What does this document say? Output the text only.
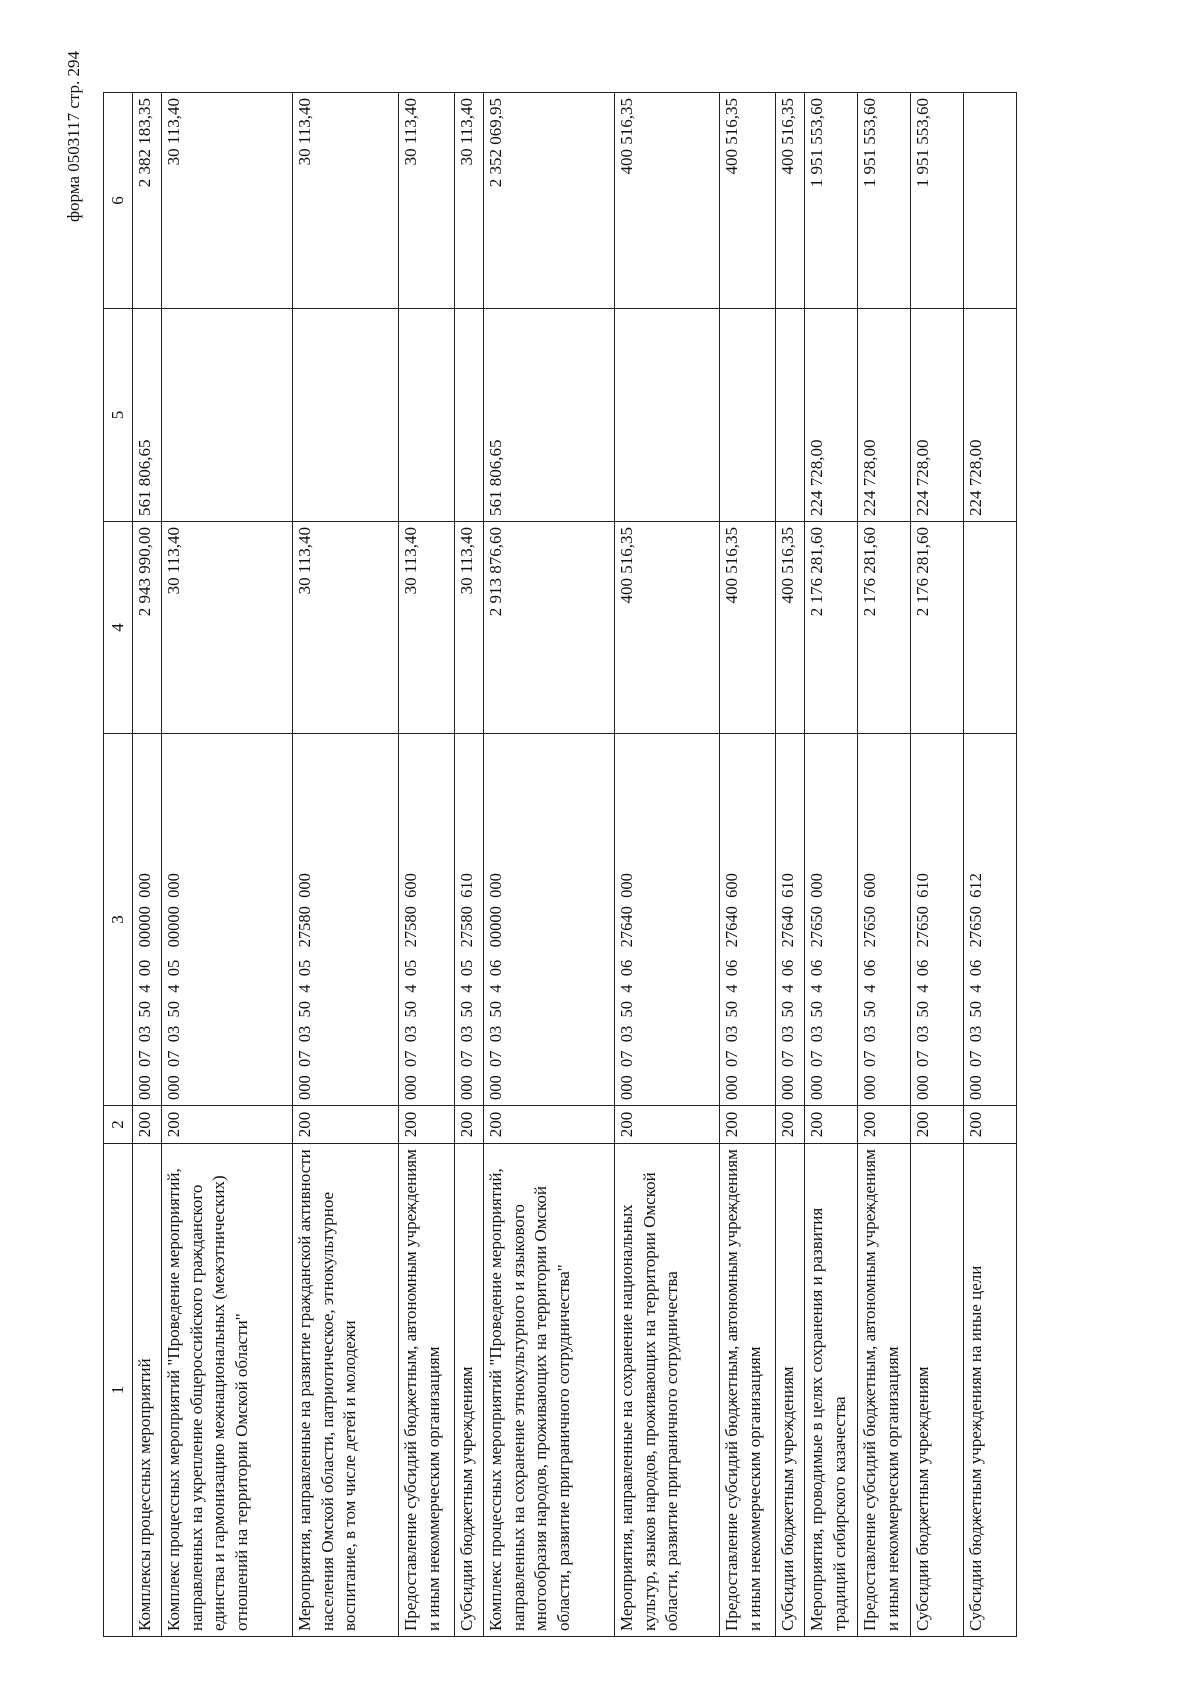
форма 0503117 стр. 294
1	2	3	4	5	6
Комплексы процессных мероприятий	200	000  07  03  50  4  00   00000  000	2 943 990,00	561 806,65	2 382 183,35
Комплекс процессных мероприятий "Проведение мероприятий, направленных на укрепление общероссийского гражданского единства и гармонизацию межнациональных (межэтнических) отношений на территории Омской области"	200	000  07  03  50  4  05   00000  000	30 113,40		30 113,40
Мероприятия, направленные на развитие гражданской активности населения Омской области, патриотическое, этнокультурное воспитание, в том числе детей и молодежи	200	000  07  03  50  4  05   27580  000	30 113,40		30 113,40
Предоставление субсидий бюджетным, автономным учреждениям и иным некоммерческим организациям	200	000  07  03  50  4  05   27580  600	30 113,40		30 113,40
Субсидии бюджетным учреждениям	200	000  07  03  50  4  05   27580  610	30 113,40		30 113,40
Комплекс процессных мероприятий "Проведение мероприятий, направленных на сохранение этнокультурного и языкового многообразия народов, проживающих на территории Омской области, развитие приграничного сотрудничества"	200	000  07  03  50  4  06   00000  000	2 913 876,60	561 806,65	2 352 069,95
Мероприятия, направленные на сохранение национальных культур, языков народов, проживающих на территории Омской области, развитие приграничного сотрудничества	200	000  07  03  50  4  06   27640  000	400 516,35		400 516,35
Предоставление субсидий бюджетным, автономным учреждениям и иным некоммерческим организациям	200	000  07  03  50  4  06   27640  600	400 516,35		400 516,35
Субсидии бюджетным учреждениям	200	000  07  03  50  4  06   27640  610	400 516,35		400 516,35
Мероприятия, проводимые в целях сохранения и развития традиций сибирского казачества	200	000  07  03  50  4  06   27650  000	2 176 281,60	224 728,00	1 951 553,60
Предоставление субсидий бюджетным, автономным учреждениям и иным некоммерческим организациям	200	000  07  03  50  4  06   27650  600	2 176 281,60	224 728,00	1 951 553,60
Субсидии бюджетным учреждениям	200	000  07  03  50  4  06   27650  610	2 176 281,60	224 728,00	1 951 553,60
Субсидии бюджетным учреждениям на иные цели	200	000  07  03  50  4  06   27650  612		224 728,00	
